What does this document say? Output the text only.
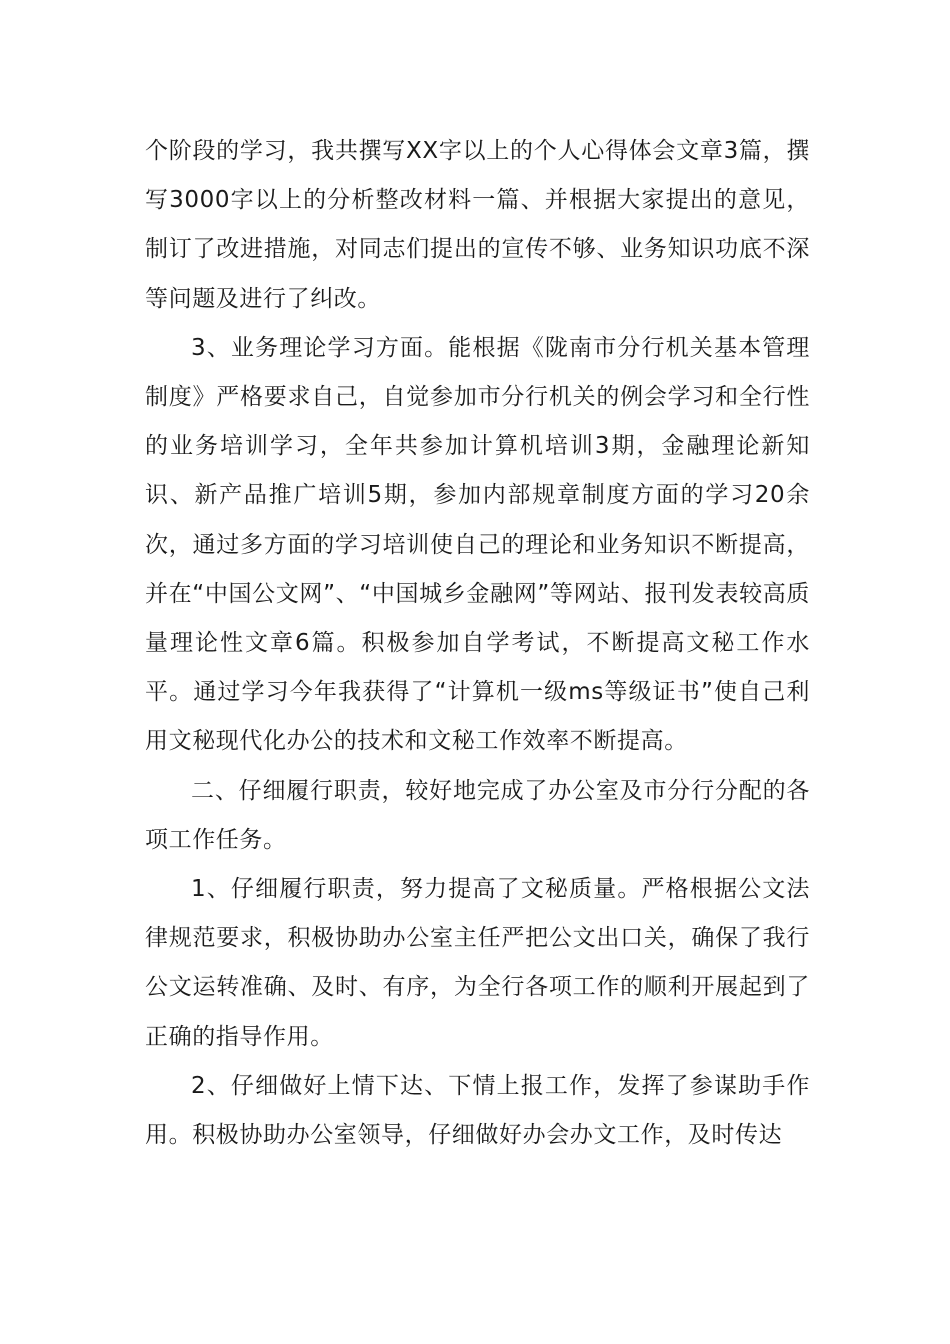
个阶段的学习，我共撰写XX字以上的个人心得体会文章3篇，撰写3000字以上的分析整改材料一篇、并根据大家提出的意见，制订了改进措施，对同志们提出的宣传不够、业务知识功底不深等问题及进行了纠改。

3、业务理论学习方面。能根据《陇南市分行机关基本管理制度》严格要求自己，自觉参加市分行机关的例会学习和全行性的业务培训学习，全年共参加计算机培训3期，金融理论新知识、新产品推广培训5期，参加内部规章制度方面的学习20余次，通过多方面的学习培训使自己的理论和业务知识不断提高，并在“中国公文网”、“中国城乡金融网”等网站、报刊发表较高质量理论性文章6篇。积极参加自学考试，不断提高文秘工作水平。通过学习今年我获得了“计算机一级ms等级证书”使自己利用文秘现代化办公的技术和文秘工作效率不断提高。

二、仔细履行职责，较好地完成了办公室及市分行分配的各项工作任务。

1、仔细履行职责，努力提高了文秘质量。严格根据公文法律规范要求，积极协助办公室主任严把公文出口关，确保了我行公文运转准确、及时、有序，为全行各项工作的顺利开展起到了正确的指导作用。

2、仔细做好上情下达、下情上报工作，发挥了参谋助手作用。积极协助办公室领导，仔细做好办会办文工作，及时传达
